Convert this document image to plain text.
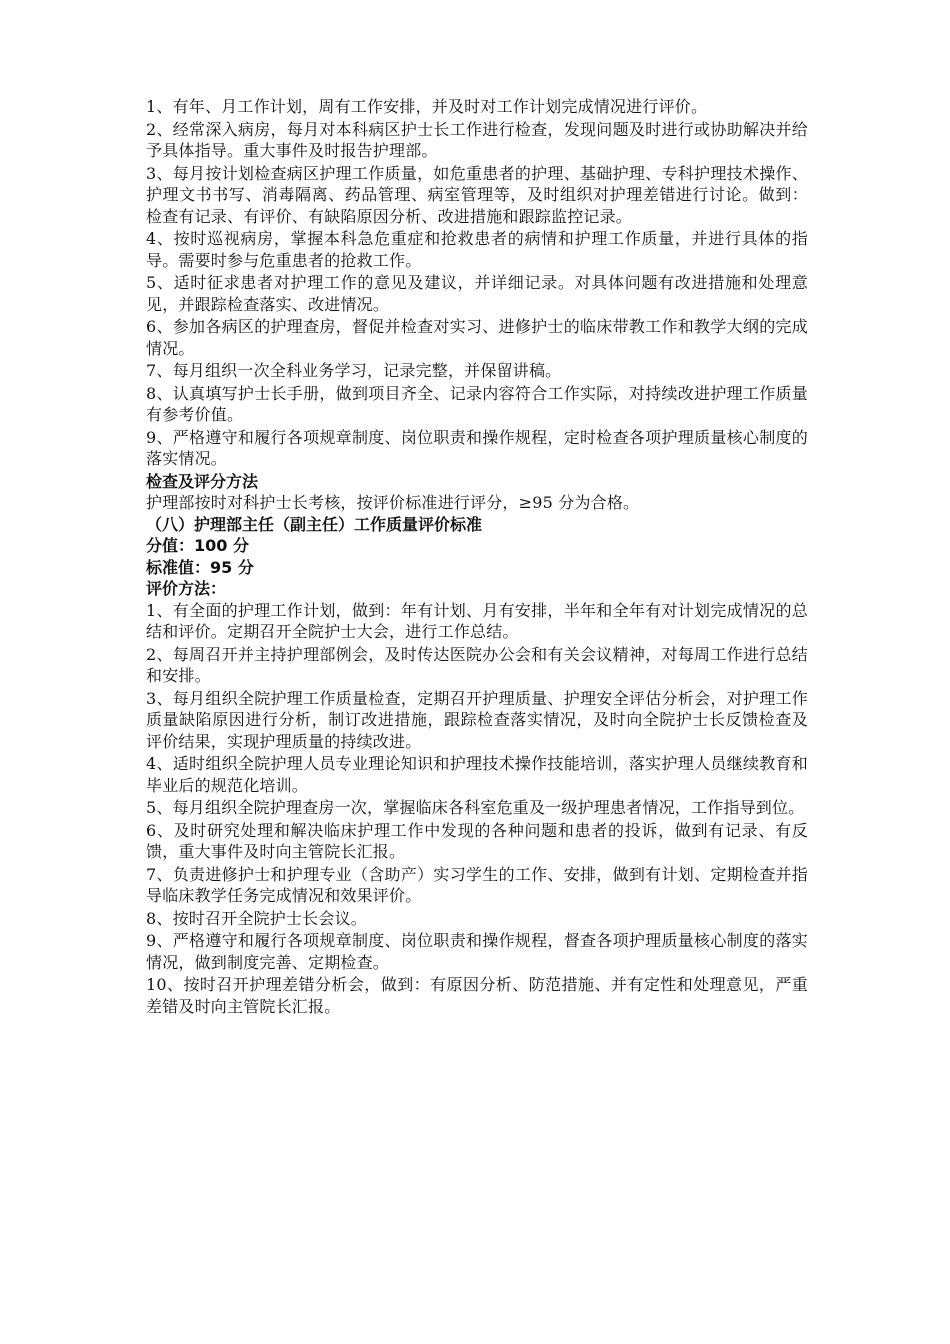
1、有年、月工作计划，周有工作安排，并及时对工作计划完成情况进行评价。

2、经常深入病房，每月对本科病区护士长工作进行检查，发现问题及时进行或协助解决并给予具体指导。重大事件及时报告护理部。

3、每月按计划检查病区护理工作质量，如危重患者的护理、基础护理、专科护理技术操作、护理文书书写、消毒隔离、药品管理、病室管理等，及时组织对护理差错进行讨论。做到：检查有记录、有评价、有缺陷原因分析、改进措施和跟踪监控记录。

4、按时巡视病房，掌握本科急危重症和抢救患者的病情和护理工作质量，并进行具体的指导。需要时参与危重患者的抢救工作。

5、适时征求患者对护理工作的意见及建议，并详细记录。对具体问题有改进措施和处理意见，并跟踪检查落实、改进情况。

6、参加各病区的护理查房，督促并检查对实习、进修护士的临床带教工作和教学大纲的完成情况。

7、每月组织一次全科业务学习，记录完整，并保留讲稿。

8、认真填写护士长手册，做到项目齐全、记录内容符合工作实际，对持续改进护理工作质量有参考价值。

9、严格遵守和履行各项规章制度、岗位职责和操作规程，定时检查各项护理质量核心制度的落实情况。

检查及评分方法

护理部按时对科护士长考核，按评价标准进行评分，≥95 分为合格。

（八）护理部主任（副主任）工作质量评价标准

分值：100 分

标准值：95 分

评价方法：

1、有全面的护理工作计划，做到：年有计划、月有安排，半年和全年有对计划完成情况的总结和评价。定期召开全院护士大会，进行工作总结。

2、每周召开并主持护理部例会，及时传达医院办公会和有关会议精神，对每周工作进行总结和安排。

3、每月组织全院护理工作质量检查，定期召开护理质量、护理安全评估分析会，对护理工作质量缺陷原因进行分析，制订改进措施，跟踪检查落实情况，及时向全院护士长反馈检查及评价结果，实现护理质量的持续改进。

4、适时组织全院护理人员专业理论知识和护理技术操作技能培训，落实护理人员继续教育和毕业后的规范化培训。

5、每月组织全院护理查房一次，掌握临床各科室危重及一级护理患者情况，工作指导到位。

6、及时研究处理和解决临床护理工作中发现的各种问题和患者的投诉，做到有记录、有反馈，重大事件及时向主管院长汇报。

7、负责进修护士和护理专业（含助产）实习学生的工作、安排，做到有计划、定期检查并指导临床教学任务完成情况和效果评价。

8、按时召开全院护士长会议。

9、严格遵守和履行各项规章制度、岗位职责和操作规程，督查各项护理质量核心制度的落实情况，做到制度完善、定期检查。

10、按时召开护理差错分析会，做到：有原因分析、防范措施、并有定性和处理意见，严重差错及时向主管院长汇报。
